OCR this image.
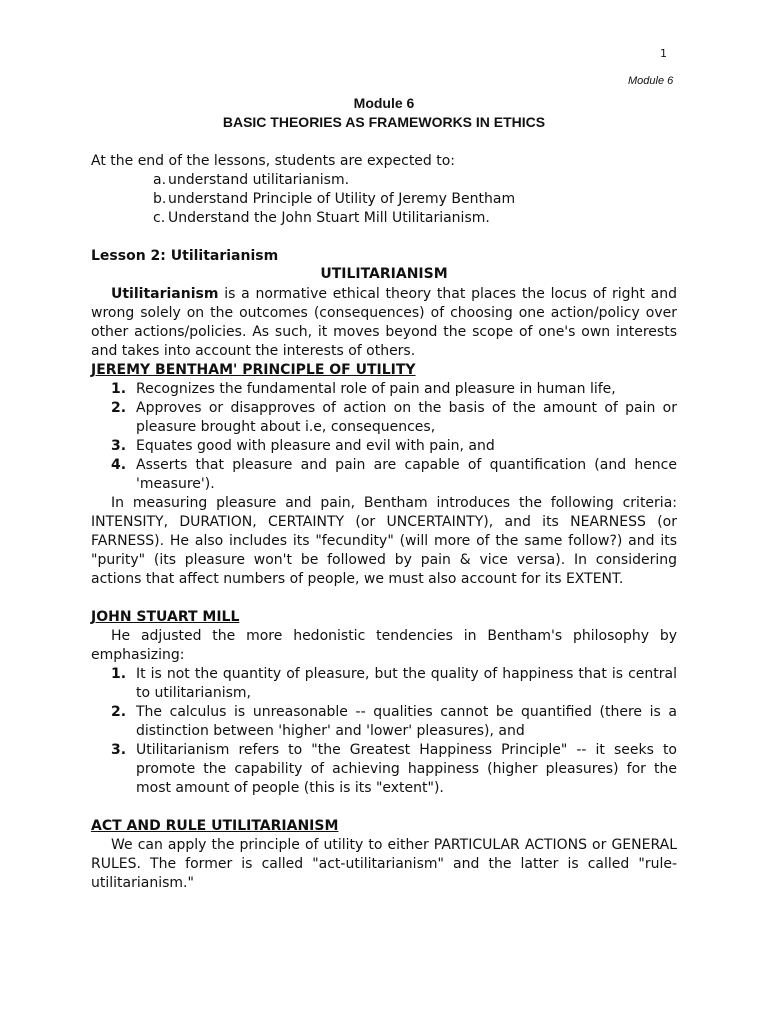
1
Module 6
Module 6
BASIC THEORIES AS FRAMEWORKS IN ETHICS
At the end of the lessons, students are expected to:
a. understand utilitarianism.
b. understand Principle of Utility of Jeremy Bentham
c. Understand the John Stuart Mill Utilitarianism.
Lesson 2: Utilitarianism
UTILITARIANISM
Utilitarianism is a normative ethical theory that places the locus of right and wrong solely on the outcomes (consequences) of choosing one action/policy over other actions/policies. As such, it moves beyond the scope of one's own interests and takes into account the interests of others.
JEREMY BENTHAM' PRINCIPLE OF UTILITY
1. Recognizes the fundamental role of pain and pleasure in human life,
2. Approves or disapproves of action on the basis of the amount of pain or pleasure brought about i.e, consequences,
3. Equates good with pleasure and evil with pain, and
4. Asserts that pleasure and pain are capable of quantification (and hence 'measure').
In measuring pleasure and pain, Bentham introduces the following criteria: INTENSITY, DURATION, CERTAINTY (or UNCERTAINTY), and its NEARNESS (or FARNESS). He also includes its "fecundity" (will more of the same follow?) and its "purity" (its pleasure won't be followed by pain & vice versa). In considering actions that affect numbers of people, we must also account for its EXTENT.
JOHN STUART MILL
He adjusted the more hedonistic tendencies in Bentham's philosophy by emphasizing:
1. It is not the quantity of pleasure, but the quality of happiness that is central to utilitarianism,
2. The calculus is unreasonable -- qualities cannot be quantified (there is a distinction between 'higher' and 'lower' pleasures), and
3. Utilitarianism refers to "the Greatest Happiness Principle" -- it seeks to promote the capability of achieving happiness (higher pleasures) for the most amount of people (this is its "extent").
ACT AND RULE UTILITARIANISM
We can apply the principle of utility to either PARTICULAR ACTIONS or GENERAL RULES. The former is called "act-utilitarianism" and the latter is called "rule-utilitarianism."
